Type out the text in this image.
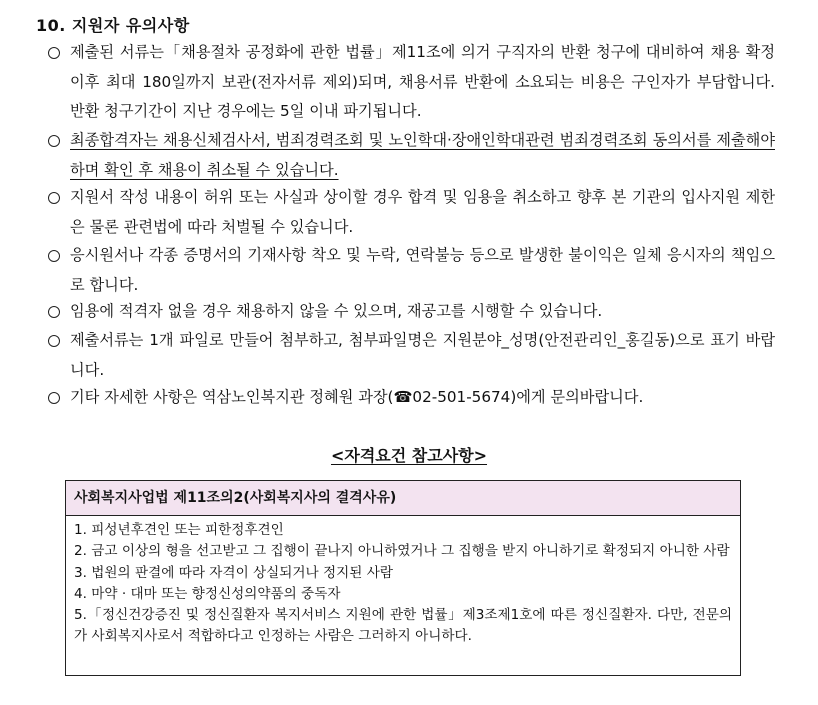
10. 지원자 유의사항
제출된 서류는「채용절차 공정화에 관한 법률」제11조에 의거 구직자의 반환 청구에 대비하여 채용 확정 이후 최대 180일까지 보관(전자서류 제외)되며, 채용서류 반환에 소요되는 비용은 구인자가 부담합니다. 반환 청구기간이 지난 경우에는 5일 이내 파기됩니다.
최종합격자는 채용신체검사서, 범죄경력조회 및 노인학대·장애인학대관련 범죄경력조회 동의서를 제출해야 하며 확인 후 채용이 취소될 수 있습니다.
지원서 작성 내용이 허위 또는 사실과 상이할 경우 합격 및 임용을 취소하고 향후 본 기관의 입사지원 제한은 물론 관련법에 따라 처벌될 수 있습니다.
응시원서나 각종 증명서의 기재사항 착오 및 누락, 연락불능 등으로 발생한 불이익은 일체 응시자의 책임으로 합니다.
임용에 적격자 없을 경우 채용하지 않을 수 있으며, 재공고를 시행할 수 있습니다.
제출서류는 1개 파일로 만들어 첨부하고, 첨부파일명은 지원분야_성명(안전관리인_홍길동)으로 표기 바랍니다.
기타 자세한 사항은 역삼노인복지관 정혜원 과장(☎02-501-5674)에게 문의바랍니다.
<자격요건 참고사항>
사회복지사업법 제11조의2(사회복지사의 결격사유)
1. 피성년후견인 또는 피한정후견인
2. 금고 이상의 형을 선고받고 그 집행이 끝나지 아니하였거나 그 집행을 받지 아니하기로 확정되지 아니한 사람
3. 법원의 판결에 따라 자격이 상실되거나 정지된 사람
4. 마약 · 대마 또는 향정신성의약품의 중독자
5.「정신건강증진 및 정신질환자 복지서비스 지원에 관한 법률」제3조제1호에 따른 정신질환자. 다만, 전문의가 사회복지사로서 적합하다고 인정하는 사람은 그러하지 아니하다.
